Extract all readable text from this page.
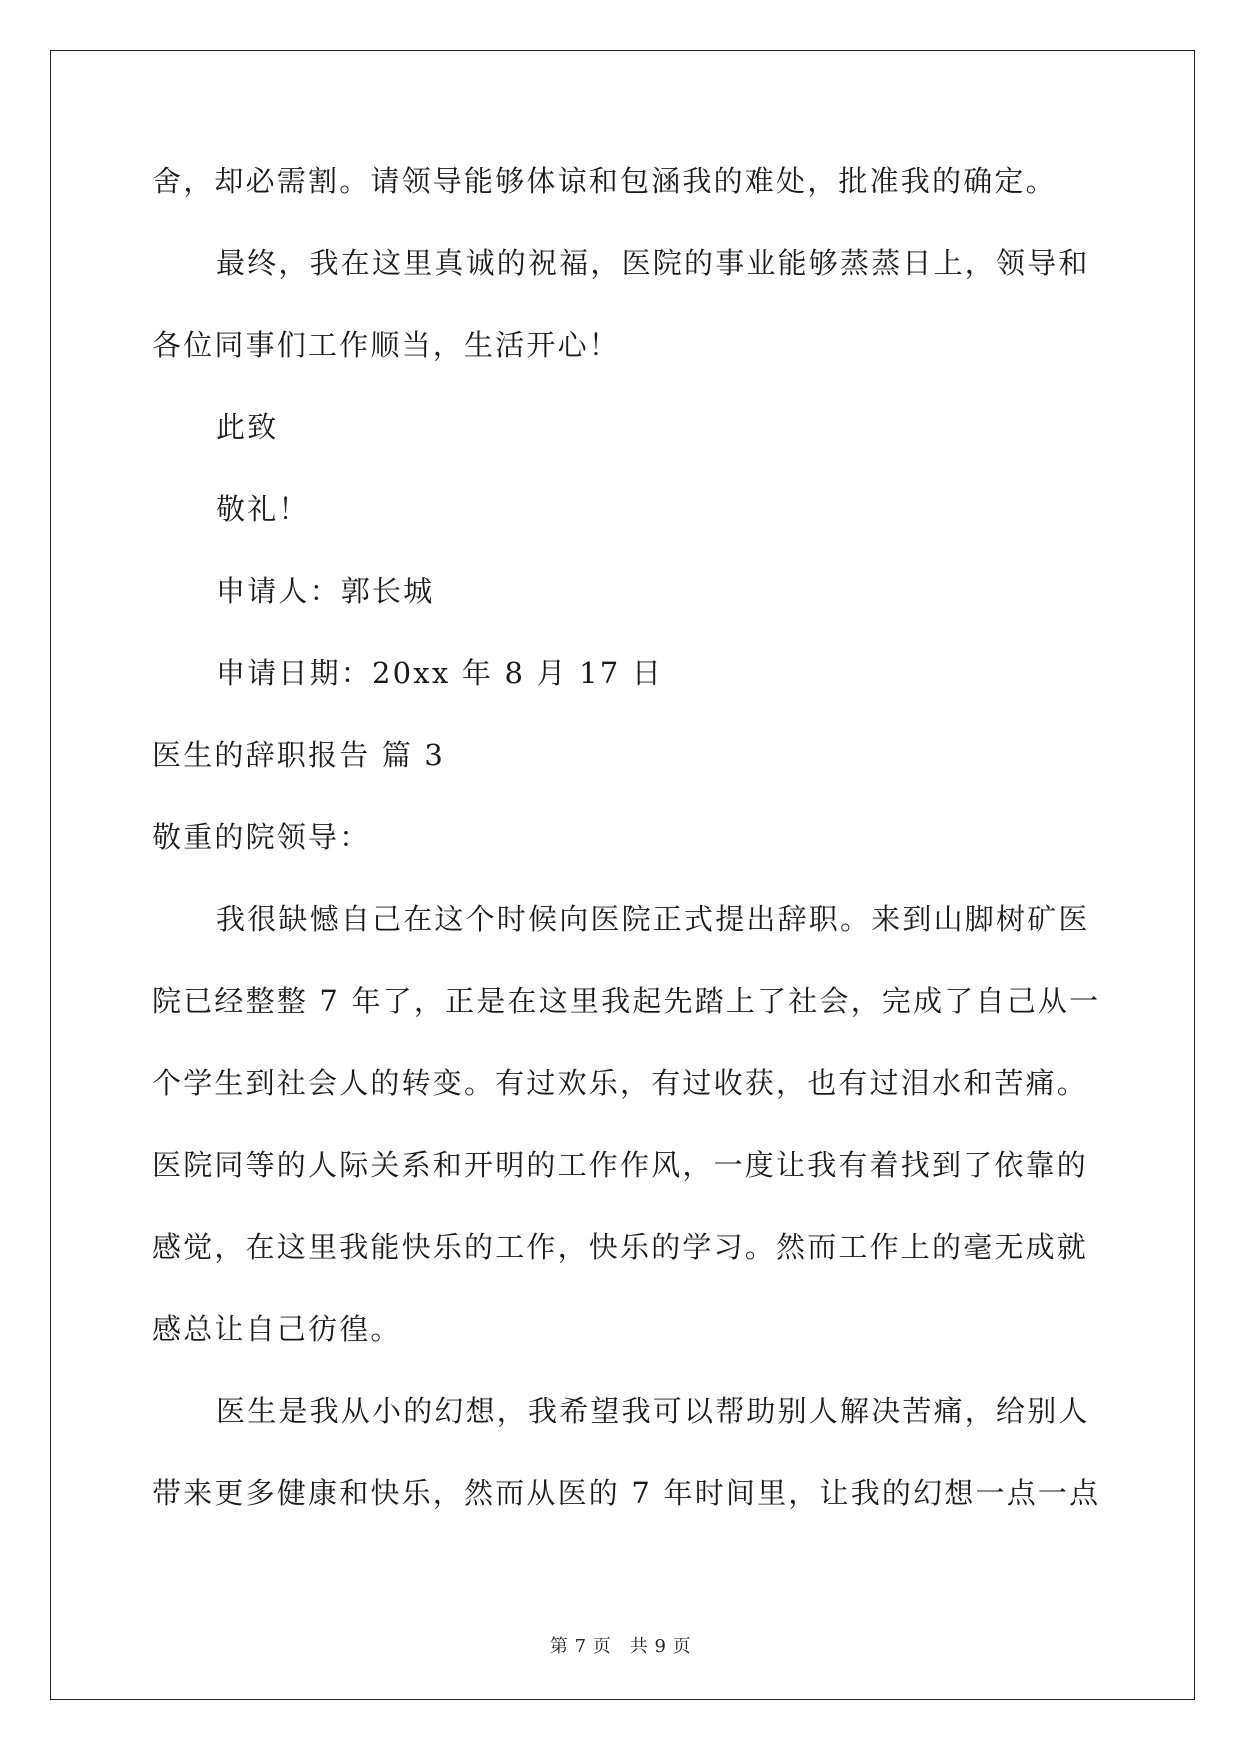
舍，却必需割。请领导能够体谅和包涵我的难处，批准我的确定。
最终，我在这里真诚的祝福，医院的事业能够蒸蒸日上，领导和
各位同事们工作顺当，生活开心！
此致
敬礼！
申请人：郭长城
申请日期：20xx 年 8 月 17 日
医生的辞职报告 篇 3
敬重的院领导：
我很缺憾自己在这个时候向医院正式提出辞职。来到山脚树矿医
院已经整整 7 年了，正是在这里我起先踏上了社会，完成了自己从一
个学生到社会人的转变。有过欢乐，有过收获，也有过泪水和苦痛。
医院同等的人际关系和开明的工作作风，一度让我有着找到了依靠的
感觉，在这里我能快乐的工作，快乐的学习。然而工作上的毫无成就
感总让自己彷徨。
医生是我从小的幻想，我希望我可以帮助别人解决苦痛，给别人
带来更多健康和快乐，然而从医的 7 年时间里，让我的幻想一点一点
第 7 页　共 9 页
